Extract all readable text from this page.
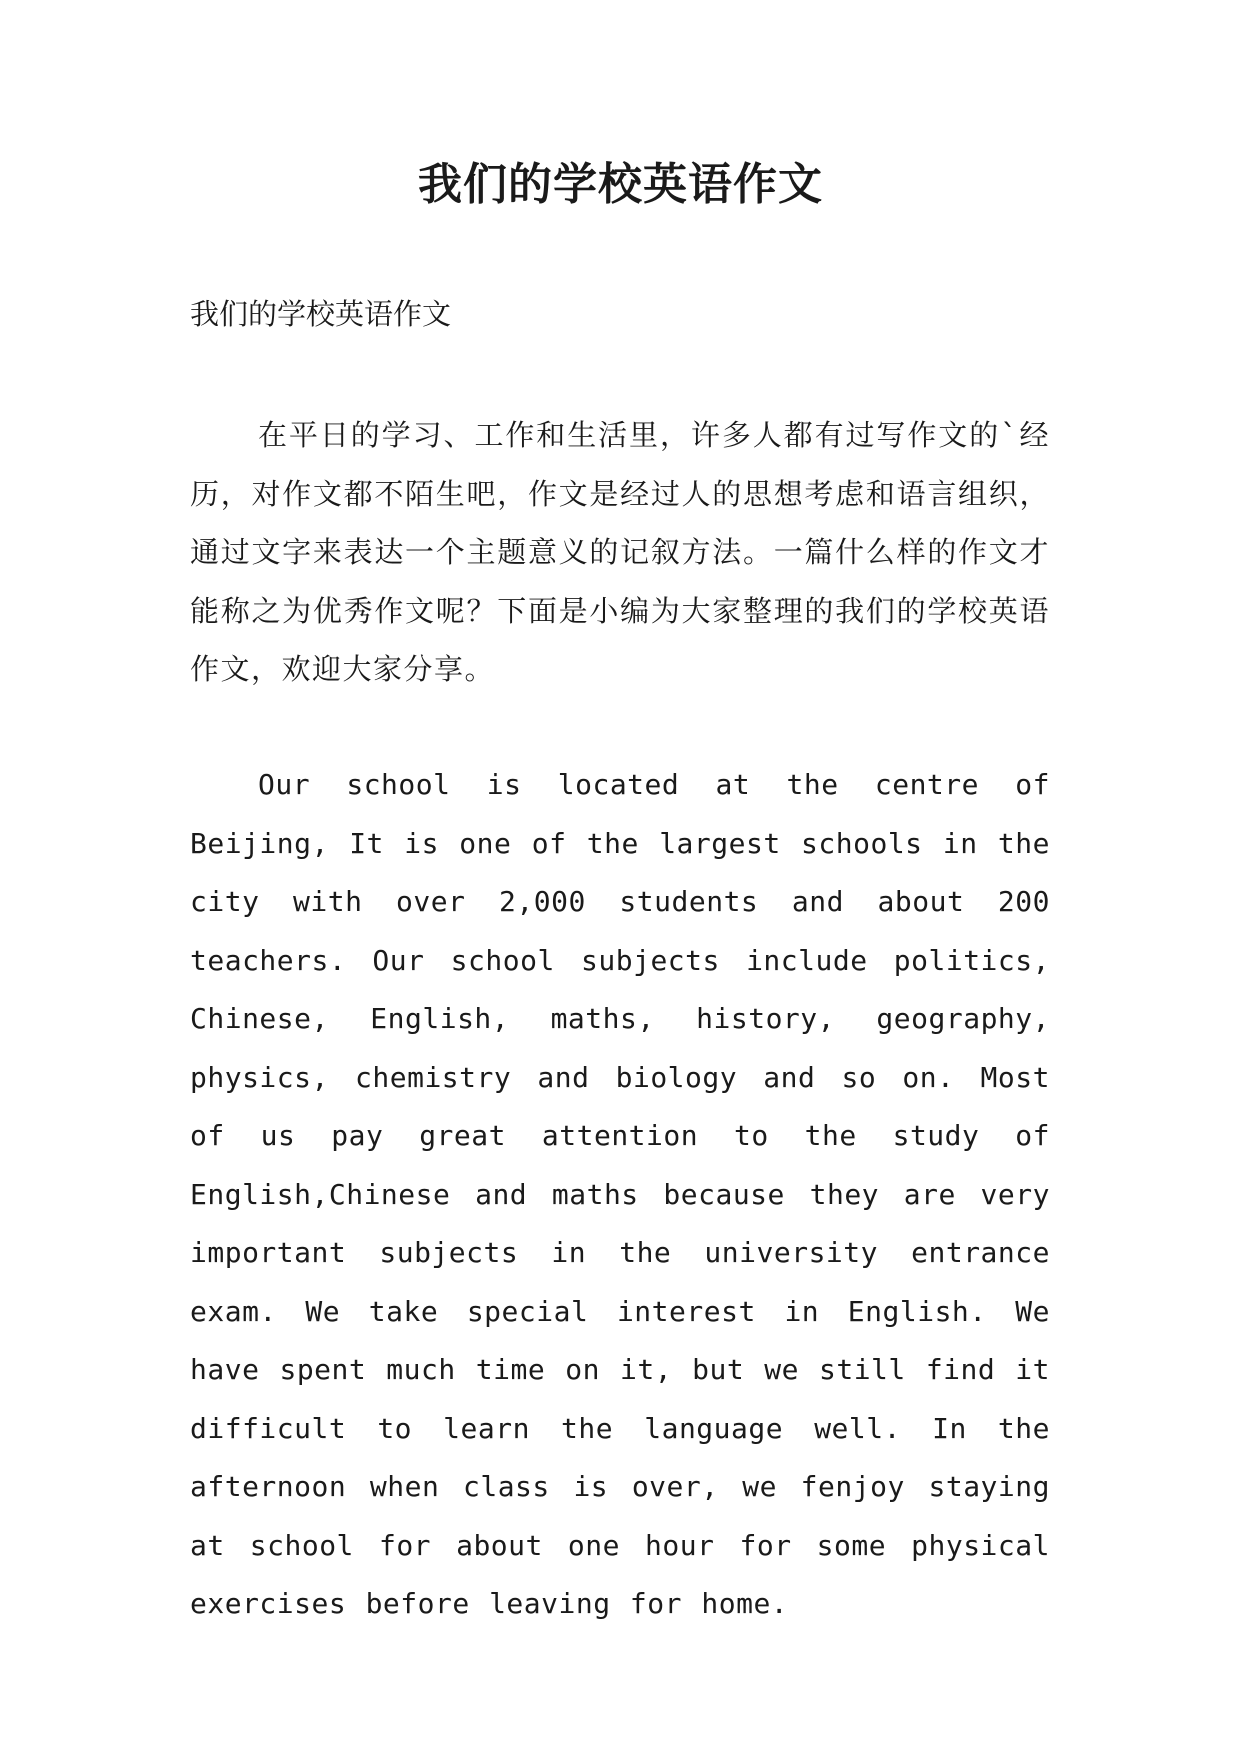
我们的学校英语作文

我们的学校英语作文

在平日的学习、工作和生活里，许多人都有过写作文的`经历，对作文都不陌生吧，作文是经过人的思想考虑和语言组织，通过文字来表达一个主题意义的记叙方法。一篇什么样的作文才能称之为优秀作文呢？下面是小编为大家整理的我们的学校英语作文，欢迎大家分享。

Our school is located at the centre of Beijing, It is one of the largest schools in the city with over 2,000 students and about 200 teachers. Our school subjects include politics, Chinese, English, maths, history, geography, physics, chemistry and biology and so on. Most of us pay great attention to the study of English,Chinese and maths because they are very important subjects in the university entrance exam. We take special interest in English. We have spent much time on it, but we still find it difficult to learn the language well. In the afternoon when class is over, we fenjoy staying at school for about one hour for some physical exercises before leaving for home.
